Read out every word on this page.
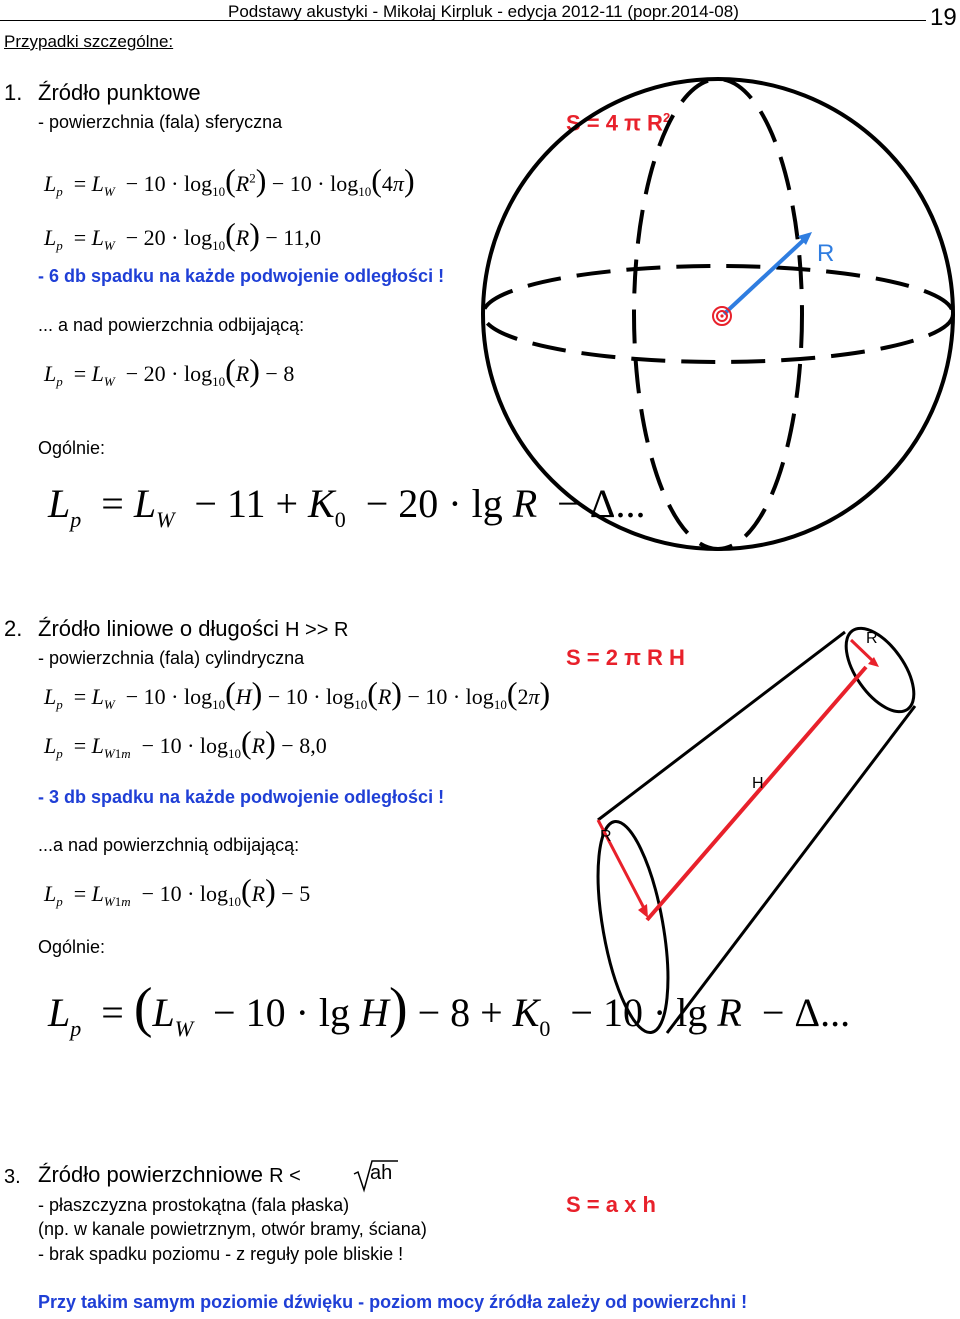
Podstawy akustyki - Mikołaj Kirpluk - edycja 2012-11 (popr.2014-08)	19
Przypadki szczególne:
1. Źródło punktowe
- powierzchnia (fala) sferyczna	S = 4 π $R^2$
$L_p = L_W - 10 \cdot \log_{10}(R^2) - 10 \cdot \log_{10}(4\pi)$
$L_p = L_W - 20 \cdot \log_{10}(R) - 11,0$
- 6 db spadku na każde podwojenie odległości !
... a nad powierzchnia odbijającą:
$L_p = L_W - 20 \cdot \log_{10}(R) - 8$
Ogólnie:
$L_p = L_W - 11 + K_0 - 20 \cdot \lg R - \Delta$...
R
2. Źródło liniowe o długości H >> R
- powierzchnia (fala) cylindryczna	S = 2 π R H
$L_p = L_W - 10 \cdot \log_{10}(H) - 10 \cdot \log_{10}(R) - 10 \cdot \log_{10}(2\pi)$
$L_p = L_{W1m} - 10 \cdot \log_{10}(R) - 8,0$
- 3 db spadku na każde podwojenie odległości !
...a nad powierzchnią odbijającą:
$L_p = L_{W1m} - 10 \cdot \log_{10}(R) - 5$
Ogólnie:
$L_p = (L_W - 10 \cdot \lg H) - 8 + K_0 - 10 \cdot \lg R - \Delta$...
R
H
R
3. Źródło powierzchniowe R <	ah
- płaszczyzna prostokątna (fala płaska)
(np. w kanale powietrznym, otwór bramy, ściana)
- brak spadku poziomu - z reguły pole bliskie !
S = a x h
Przy takim samym poziomie dźwięku - poziom mocy źródła zależy od powierzchni !
